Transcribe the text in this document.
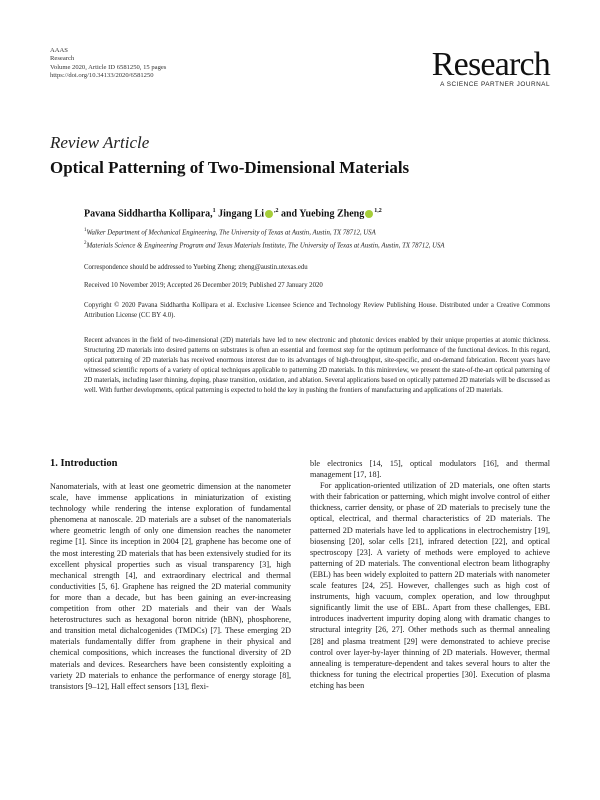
AAAS
Research
Volume 2020, Article ID 6581250, 15 pages
https://doi.org/10.34133/2020/6581250	Research
A SCIENCE PARTNER JOURNAL
Review Article
Optical Patterning of Two-Dimensional Materials
Pavana Siddhartha Kollipara,$^1$ Jingang Li $^{,2}$ and Yuebing Zheng $^{1,2}$
$^1$Walker Department of Mechanical Engineering, The University of Texas at Austin, Austin, TX 78712, USA
$^2$Materials Science & Engineering Program and Texas Materials Institute, The University of Texas at Austin, Austin, TX 78712, USA
Correspondence should be addressed to Yuebing Zheng; zheng@austin.utexas.edu
Received 10 November 2019; Accepted 26 December 2019; Published 27 January 2020
Copyright © 2020 Pavana Siddhartha Kollipara et al. Exclusive Licensee Science and Technology Review Publishing House. Distributed under a Creative Commons Attribution License (CC BY 4.0).
Recent advances in the field of two-dimensional (2D) materials have led to new electronic and photonic devices enabled by their unique properties at atomic thickness. Structuring 2D materials into desired patterns on substrates is often an essential and foremost step for the optimum performance of the functional devices. In this regard, optical patterning of 2D materials has received enormous interest due to its advantages of high-throughput, site-specific, and on-demand fabrication. Recent years have witnessed scientific reports of a variety of optical techniques applicable to patterning 2D materials. In this minireview, we present the state-of-the-art optical patterning of 2D materials, including laser thinning, doping, phase transition, oxidation, and ablation. Several applications based on optically patterned 2D materials will be discussed as well. With further developments, optical patterning is expected to hold the key in pushing the frontiers of manufacturing and applications of 2D materials.
1. Introduction

Nanomaterials, with at least one geometric dimension at the nanometer scale, have immense applications in miniaturization of existing technology while rendering the intense exploration of fundamental phenomena at nanoscale. 2D materials are a subset of the nanomaterials where geometric length of only one dimension reaches the nanometer regime [1]. Since its inception in 2004 [2], graphene has become one of the most interesting 2D materials that has been extensively studied for its excellent physical properties such as visual transparency [3], high mechanical strength [4], and extraordinary electrical and thermal conductivities [5, 6]. Graphene has reigned the 2D material community for more than a decade, but has been gaining an ever-increasing competition from other 2D materials and their van der Waals heterostructures such as hexagonal boron nitride (hBN), phosphorene, and transition metal dichalcogenides (TMDCs) [7]. These emerging 2D materials fundamentally differ from graphene in their physical and chemical compositions, which increases the functional diversity of 2D materials and devices. Researchers have been consistently exploiting a variety 2D materials to enhance the performance of energy storage [8], transistors [9–12], Hall effect sensors [13], flexi-

ble electronics [14, 15], optical modulators [16], and thermal management [17, 18].

For application-oriented utilization of 2D materials, one often starts with their fabrication or patterning, which might involve control of either thickness, carrier density, or phase of 2D materials to precisely tune the optical, electrical, and thermal characteristics of 2D materials. The patterned 2D materials have led to applications in electrochemistry [19], biosensing [20], solar cells [21], infrared detection [22], and optical spectroscopy [23]. A variety of methods were employed to achieve patterning of 2D materials. The conventional electron beam lithography (EBL) has been widely exploited to pattern 2D materials with nanometer scale features [24, 25]. However, challenges such as high cost of instruments, high vacuum, complex operation, and low throughput significantly limit the use of EBL. Apart from these challenges, EBL introduces inadvertent impurity doping along with dramatic changes to structural integrity [26, 27]. Other methods such as thermal annealing [28] and plasma treatment [29] were demonstrated to achieve precise control over layer-by-layer thinning of 2D materials. However, thermal annealing is temperature-dependent and takes several hours to alter the thickness for tuning the electrical properties [30]. Execution of plasma etching has been
